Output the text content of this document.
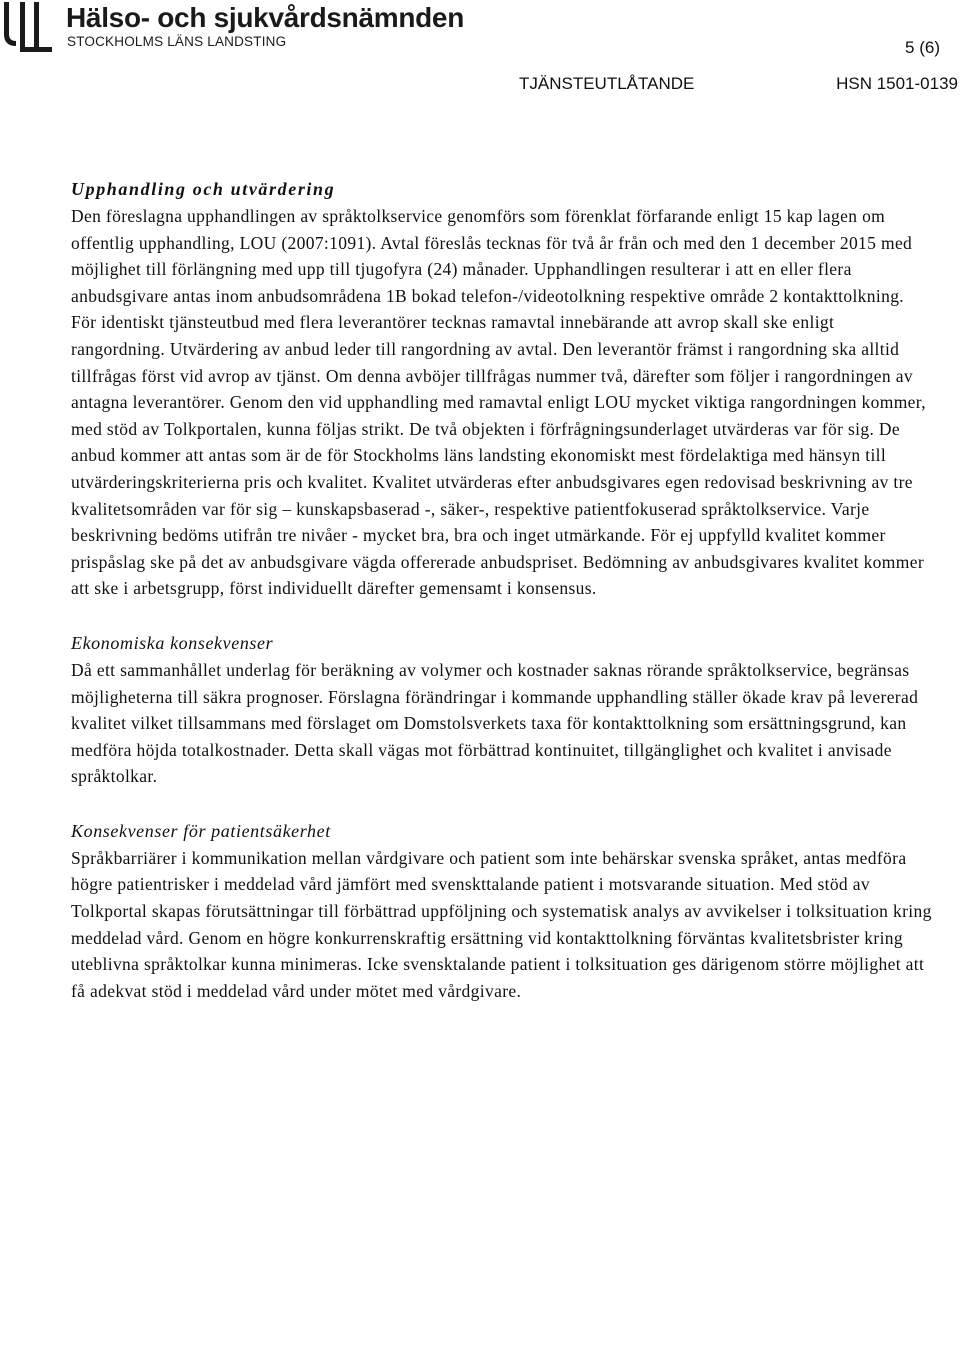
Hälso- och sjukvårdsnämnden
STOCKHOLMS LÄNS LANDSTING	5 (6)
TJÄNSTEUTLÅTANDE	HSN 1501-0139
Upphandling och utvärdering

Den föreslagna upphandlingen av språktolkservice genomförs som förenklat förfarande enligt 15 kap lagen om offentlig upphandling, LOU (2007:1091). Avtal föreslås tecknas för två år från och med den 1 december 2015 med möjlighet till förlängning med upp till tjugofyra (24) månader. Upphandlingen resulterar i att en eller flera anbudsgivare antas inom anbudsområdena 1B bokad telefon-/videotolkning respektive område 2 kontakttolkning. För identiskt tjänsteutbud med flera leverantörer tecknas ramavtal innebärande att avrop skall ske enligt rangordning. Utvärdering av anbud leder till rangordning av avtal. Den leverantör främst i rangordning ska alltid tillfrågas först vid avrop av tjänst. Om denna avböjer tillfrågas nummer två, därefter som följer i rangordningen av antagna leverantörer. Genom den vid upphandling med ramavtal enligt LOU mycket viktiga rangordningen kommer, med stöd av Tolkportalen, kunna följas strikt. De två objekten i förfrågningsunderlaget utvärderas var för sig. De anbud kommer att antas som är de för Stockholms läns landsting ekonomiskt mest fördelaktiga med hänsyn till utvärderingskriterierna pris och kvalitet. Kvalitet utvärderas efter anbudsgivares egen redovisad beskrivning av tre kvalitetsområden var för sig – kunskapsbaserad -, säker-, respektive patientfokuserad språktolkservice. Varje beskrivning bedöms utifrån tre nivåer - mycket bra, bra och inget utmärkande. För ej uppfylld kvalitet kommer prispåslag ske på det av anbudsgivare vägda offererade anbudspriset. Bedömning av anbudsgivares kvalitet kommer att ske i arbetsgrupp, först individuellt därefter gemensamt i konsensus.

Ekonomiska konsekvenser

Då ett sammanhållet underlag för beräkning av volymer och kostnader saknas rörande språktolkservice, begränsas möjligheterna till säkra prognoser. Förslagna förändringar i kommande upphandling ställer ökade krav på levererad kvalitet vilket tillsammans med förslaget om Domstolsverkets taxa för kontakttolkning som ersättningsgrund, kan medföra höjda totalkostnader. Detta skall vägas mot förbättrad kontinuitet, tillgänglighet och kvalitet i anvisade språktolkar.

Konsekvenser för patientsäkerhet

Språkbarriärer i kommunikation mellan vårdgivare och patient som inte behärskar svenska språket, antas medföra högre patientrisker i meddelad vård jämfört med svenskttalande patient i motsvarande situation. Med stöd av Tolkportal skapas förutsättningar till förbättrad uppföljning och systematisk analys av avvikelser i tolksituation kring meddelad vård. Genom en högre konkurrenskraftig ersättning vid kontakttolkning förväntas kvalitetsbrister kring uteblivna språktolkar kunna minimeras. Icke svensktalande patient i tolksituation ges därigenom större möjlighet att få adekvat stöd i meddelad vård under mötet med vårdgivare.
